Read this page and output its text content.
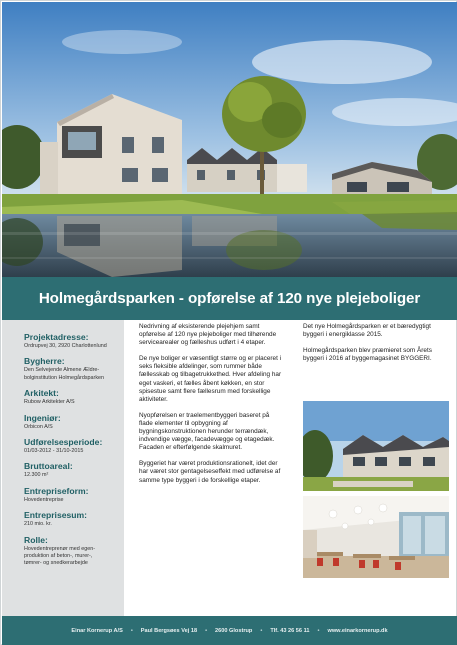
Holmegårdsparken - opførelse af 120 nye plejeboliger
Projektadresse:
Ordrupvej 30, 2920 Charlottenlund
Bygherre:
Den Selvejende Almene Ældre-
bolginstitution Holmegårdsparken
Arkitekt:
Rubow Arkitekter A/S
Ingeniør:
Orbicon A/S
Udførelsesperiode:
01/03-2012 - 31/10-2015
Bruttoareal:
12.300 m²
Entrepriseform:
Hovedentreprise
Entreprisesum:
210 mio. kr.
Rolle:
Hovedentreprenør med egen-
produktion af beton-, murer-,
tømrer- og snedkerarbejde

Nedrivning af eksisterende plejehjem samt opførelse af 120 nye plejeboliger med tilhørende servicearealer og fælleshus udført i 4 etaper.

De nye boliger er væsentligt større og er placeret i seks fleksible afdelinger, som rummer både fællesskab og tilbagetrukkethed. Hver afdeling har eget vaskeri, et fælles åbent køkken, en stor spisestue samt flere fællesrum med forskellige aktiviteter.

Nyopførelsen er traelementbyggeri baseret på flade elementer til opbygning af bygningskonstruktionen herunder terrændæk, indvendige vægge, facadevægge og etagedæk. Facaden er efterfølgende skalmuret.

Byggeriet har været produktionsrationelt, idet der har været stor gentagelseseffekt med udførelse af samme type byggeri i de forskellige etaper.

Det nye Holmegårdsparken er et bæredygtigt byggeri i energiklasse 2015.

Holmegårdsparken blev præmieret som Årets byggeri i 2016 af byggemagasinet BYGGERI.

Einar Kornerup A/S • Paul Bergsøes Vej 18 • 2600 Glostrup • Tlf. 43 26 56 11 • www.einarkornerup.dk
